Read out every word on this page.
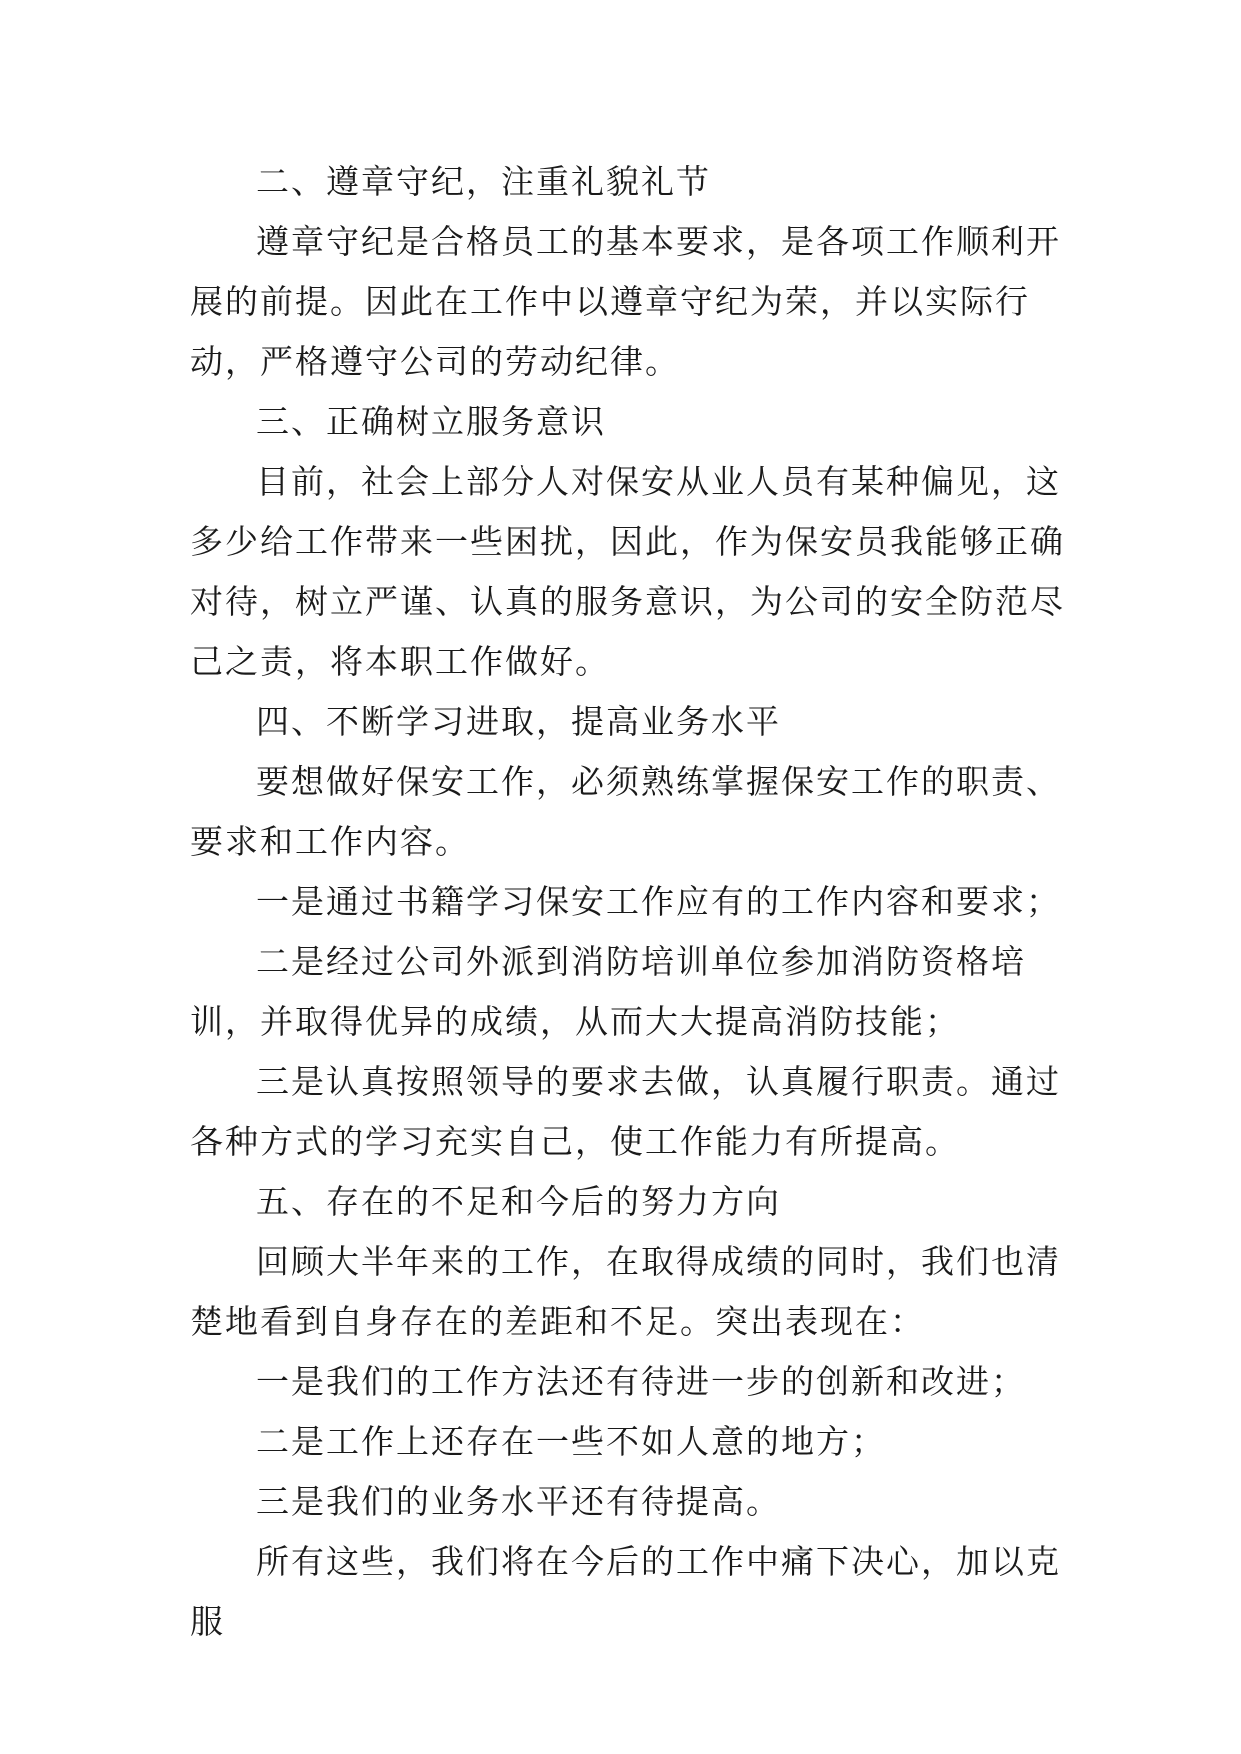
二、遵章守纪，注重礼貌礼节

遵章守纪是合格员工的基本要求，是各项工作顺利开展的前提。因此在工作中以遵章守纪为荣，并以实际行动，严格遵守公司的劳动纪律。

三、正确树立服务意识

目前，社会上部分人对保安从业人员有某种偏见，这多少给工作带来一些困扰，因此，作为保安员我能够正确对待，树立严谨、认真的服务意识，为公司的安全防范尽己之责，将本职工作做好。

四、不断学习进取，提高业务水平

要想做好保安工作，必须熟练掌握保安工作的职责、要求和工作内容。

一是通过书籍学习保安工作应有的工作内容和要求；

二是经过公司外派到消防培训单位参加消防资格培训，并取得优异的成绩，从而大大提高消防技能；

三是认真按照领导的要求去做，认真履行职责。通过各种方式的学习充实自己，使工作能力有所提高。

五、存在的不足和今后的努力方向

回顾大半年来的工作，在取得成绩的同时，我们也清楚地看到自身存在的差距和不足。突出表现在：

一是我们的工作方法还有待进一步的创新和改进；

二是工作上还存在一些不如人意的地方；

三是我们的业务水平还有待提高。

所有这些，我们将在今后的工作中痛下决心，加以克服
